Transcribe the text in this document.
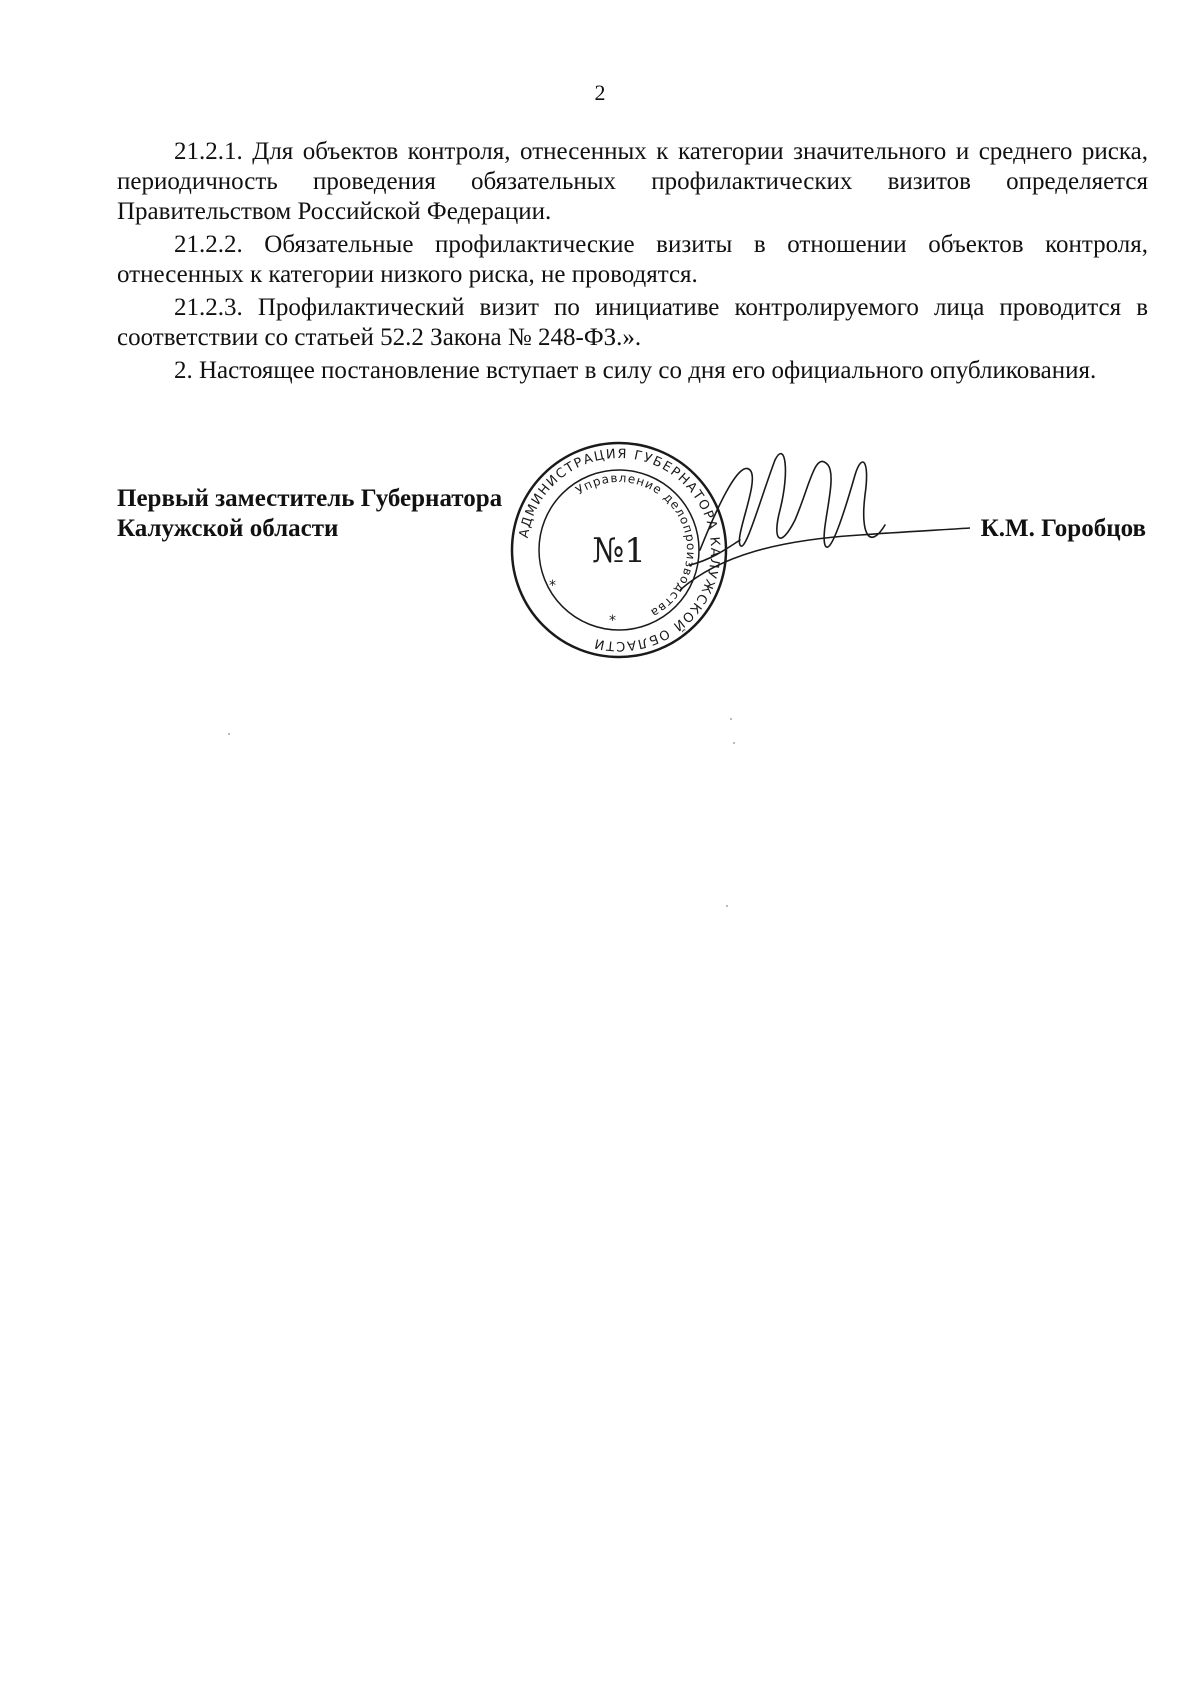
2

21.2.1. Для объектов контроля, отнесенных к категории значительного и среднего риска, периодичность проведения обязательных профилактических визитов определяется Правительством Российской Федерации.

21.2.2. Обязательные профилактические визиты в отношении объектов контроля, отнесенных к категории низкого риска, не проводятся.

21.2.3. Профилактический визит по инициативе контролируемого лица проводится в соответствии со статьей 52.2 Закона № 248-ФЗ.».

2. Настоящее постановление вступает в силу со дня его официального опубликования.

Первый заместитель Губернатора
Калужской области	К.М. Горобцов
АДМИНИСТРАЦИЯ ГУБЕРНАТОРА КАЛУЖСКОЙ ОБЛАСТИ
Управление делопроизводства
№1
*
*
